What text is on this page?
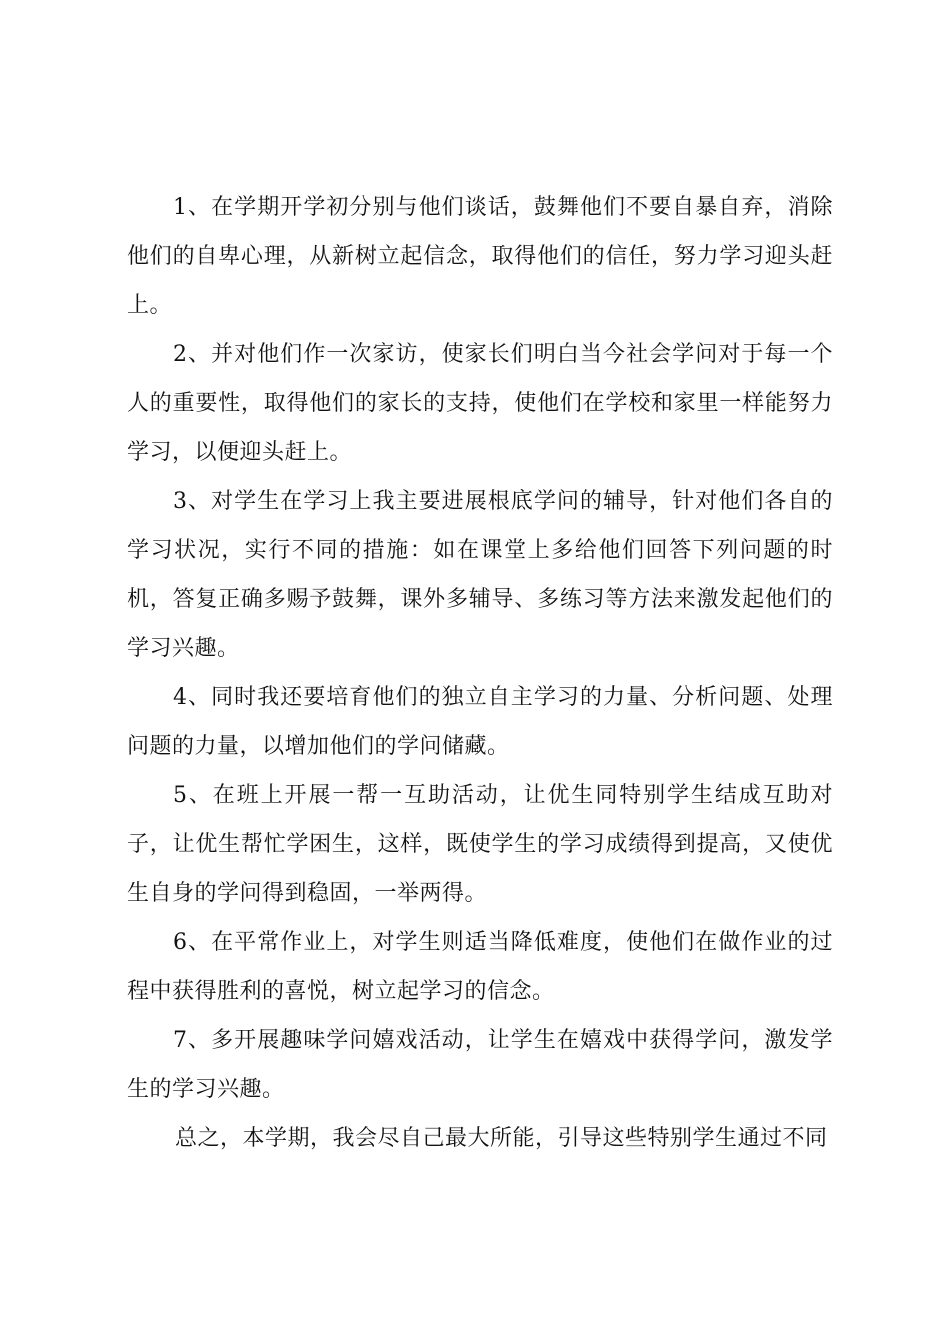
1、在学期开学初分别与他们谈话，鼓舞他们不要自暴自弃，消除他们的自卑心理，从新树立起信念，取得他们的信任，努力学习迎头赶上。

2、并对他们作一次家访，使家长们明白当今社会学问对于每一个人的重要性，取得他们的家长的支持，使他们在学校和家里一样能努力学习，以便迎头赶上。

3、对学生在学习上我主要进展根底学问的辅导，针对他们各自的学习状况，实行不同的措施：如在课堂上多给他们回答下列问题的时机，答复正确多赐予鼓舞，课外多辅导、多练习等方法来激发起他们的学习兴趣。

4、同时我还要培育他们的独立自主学习的力量、分析问题、处理问题的力量，以增加他们的学问储藏。

5、在班上开展一帮一互助活动，让优生同特别学生结成互助对子，让优生帮忙学困生，这样，既使学生的学习成绩得到提高，又使优生自身的学问得到稳固，一举两得。

6、在平常作业上，对学生则适当降低难度，使他们在做作业的过程中获得胜利的喜悦，树立起学习的信念。

7、多开展趣味学问嬉戏活动，让学生在嬉戏中获得学问，激发学生的学习兴趣。

总之，本学期，我会尽自己最大所能，引导这些特别学生通过不同
